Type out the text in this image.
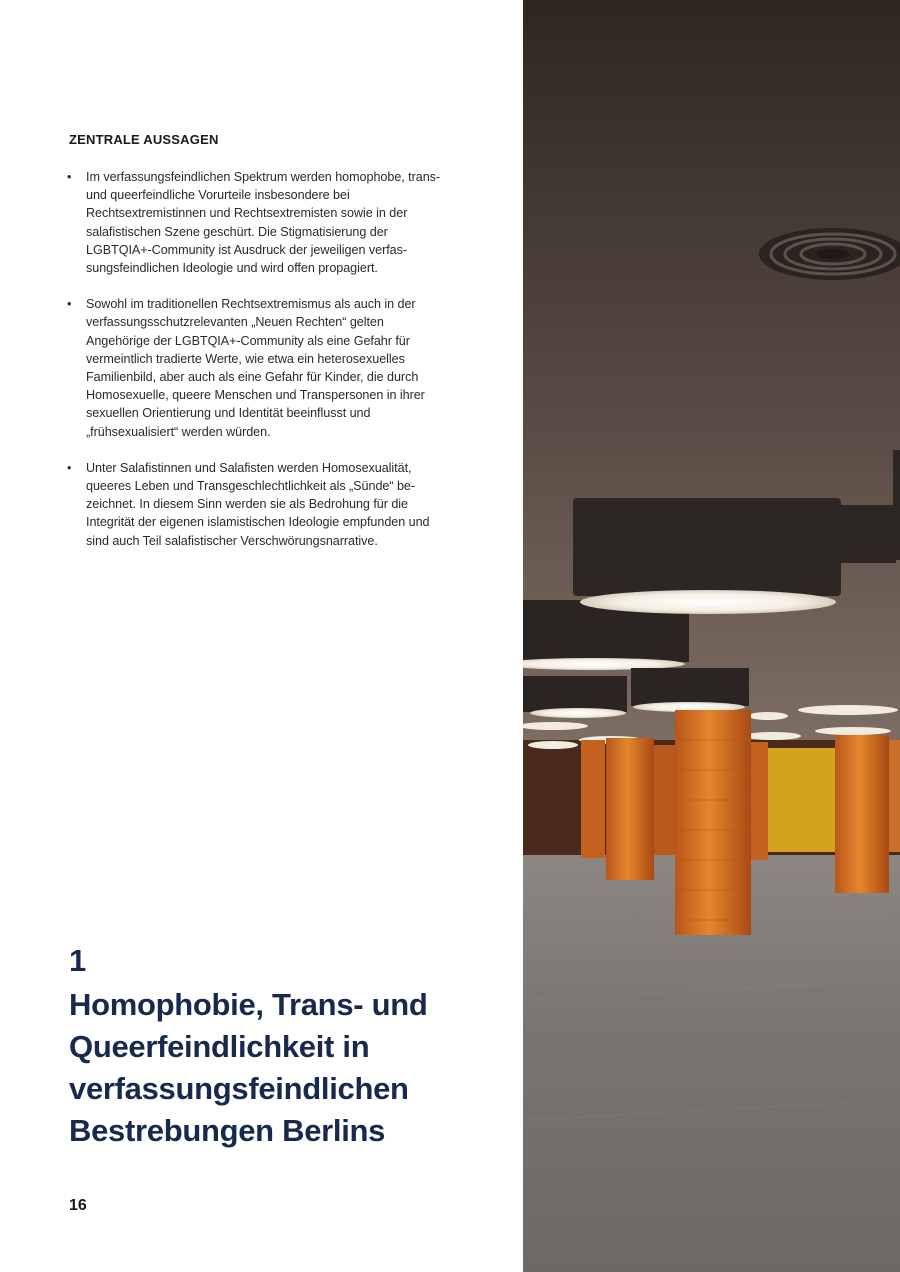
ZENTRALE AUSSAGEN
•	Im verfassungsfeindlichen Spektrum werden homophobe, trans- und queerfeindliche Vorurteile insbesondere bei Rechtsextremistinnen und Rechtsextremisten sowie in der salafistischen Szene geschürt. Die Stigmatisierung der LGBTQIA+-Community ist Ausdruck der jeweiligen verfassungsfeindlichen Ideologie und wird offen propagiert.
•	Sowohl im traditionellen Rechtsextremismus als auch in der verfassungsschutzrelevanten „Neuen Rechten“ gelten Angehörige der LGBTQIA+-Community als eine Gefahr für vermeintlich tradierte Werte, wie etwa ein heterosexuelles Familienbild, aber auch als eine Gefahr für Kinder, die durch Homosexuelle, queere Menschen und Transpersonen in ihrer sexuellen Orientierung und Identität beeinflusst und „frühsexualisiert“ werden würden.
•	Unter Salafistinnen und Salafisten werden Homosexualität, queeres Leben und Transgeschlechtlichkeit als „Sünde“ bezeichnet. In diesem Sinn werden sie als Bedrohung für die Integrität der eigenen islamistischen Ideologie empfunden und sind auch Teil salafistischer Verschwörungsnarrative.
1
Homophobie, Trans- und Queerfeindlichkeit in verfassungsfeindlichen Bestrebungen Berlins
16
